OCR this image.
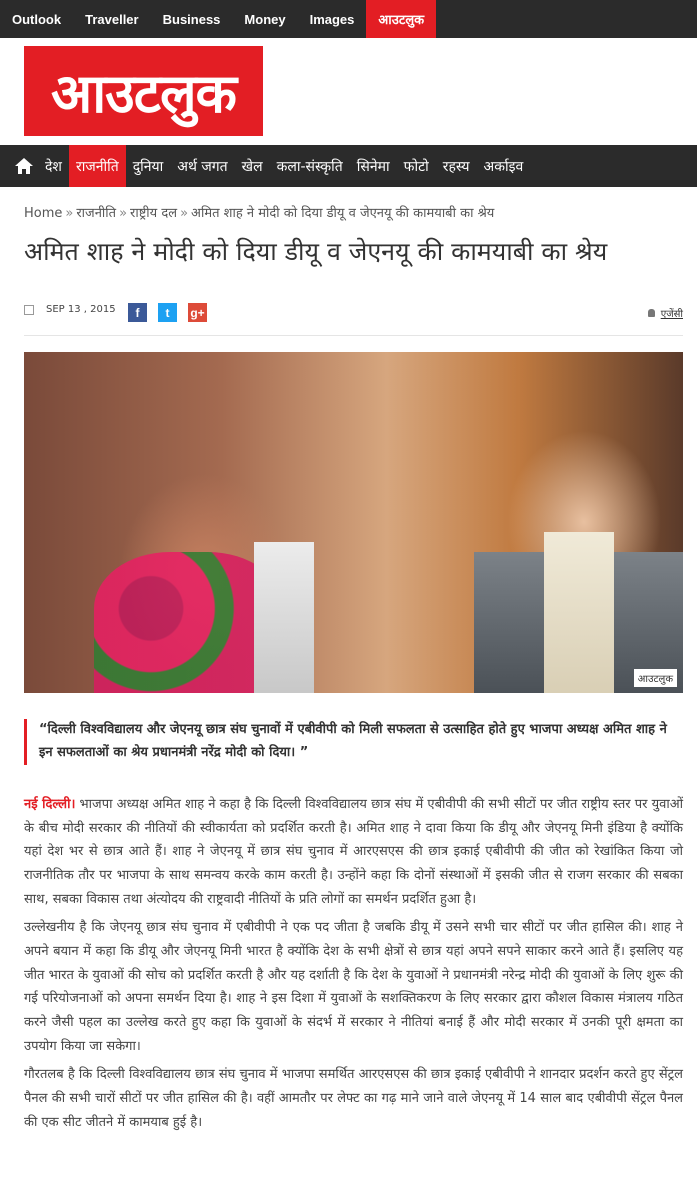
Outlook	Traveller	Business	Money	Images	आउटलुक
आउटलुक
देश	राजनीति	दुनिया	अर्थ जगत	खेल	कला-संस्कृति	सिनेमा	फोटो	रहस्य	अर्काइव
Home » राजनीति » राष्ट्रीय दल » अमित शाह ने मोदी को दिया डीयू व जेएनयू की कामयाबी का श्रेय
अमित शाह ने मोदी को दिया डीयू व जेएनयू की कामयाबी का श्रेय
SEP 13 , 2015	f	t	g+	एजेंसी
आउटलुक
“दिल्ली विश्वविद्यालय और जेएनयू छात्र संघ चुनावों में एबीवीपी को मिली सफलता से उत्साहित होते हुए भाजपा अध्यक्ष अमित शाह ने इन सफलताओं का श्रेय प्रधानमंत्री नरेंद्र मोदी को दिया। ”

नई दिल्ली। भाजपा अध्यक्ष अमित शाह ने कहा है कि दिल्ली विश्वविद्यालय छात्र संघ में एबीवीपी की सभी सीटों पर जीत राष्ट्रीय स्तर पर युवाओं के बीच मोदी सरकार की नीतियों की स्वीकार्यता को प्रदर्शित करती है। अमित शाह ने दावा किया कि डीयू और जेएनयू मिनी इंडिया है क्योंकि यहां देश भर से छात्र आते हैं। शाह ने जेएनयू में छात्र संघ चुनाव में आरएसएस की छात्र इकाई एबीवीपी की जीत को रेखांकित किया जो राजनीतिक तौर पर भाजपा के साथ समन्वय करके काम करती है। उन्होंने कहा कि दोनों संस्थाओं में इसकी जीत से राजग सरकार की सबका साथ, सबका विकास तथा अंत्योदय की राष्ट्रवादी नीतियों के प्रति लोगों का समर्थन प्रदर्शित हुआ है।

उल्लेखनीय है कि जेएनयू छात्र संघ चुनाव में एबीवीपी ने एक पद जीता है जबकि डीयू में उसने सभी चार सीटों पर जीत हासिल की। शाह ने अपने बयान में कहा कि डीयू और जेएनयू मिनी भारत है क्योंकि देश के सभी क्षेत्रों से छात्र यहां अपने सपने साकार करने आते हैं। इसलिए यह जीत भारत के युवाओं की सोच को प्रदर्शित करती है और यह दर्शाती है कि देश के युवाओं ने प्रधानमंत्री नरेन्द्र मोदी की युवाओं के लिए शुरू की गई परियोजनाओं को अपना समर्थन दिया है। शाह ने इस दिशा में युवाओं के सशक्तिकरण के लिए सरकार द्वारा कौशल विकास मंत्रालय गठित करने जैसी पहल का उल्लेख करते हुए कहा कि युवाओं के संदर्भ में सरकार ने नीतियां बनाई हैं और मोदी सरकार में उनकी पूरी क्षमता का उपयोग किया जा सकेगा।

गौरतलब है कि दिल्ली विश्वविद्यालय छात्र संघ चुनाव में भाजपा समर्थित आरएसएस की छात्र इकाई एबीवीपी ने शानदार प्रदर्शन करते हुए सेंट्रल पैनल की सभी चारों सीटों पर जीत हासिल की है। वहीं आमतौर पर लेफ्ट का गढ़ माने जाने वाले जेएनयू में 14 साल बाद एबीवीपी सेंट्रल पैनल की एक सीट जीतने में कामयाब हुई है।
